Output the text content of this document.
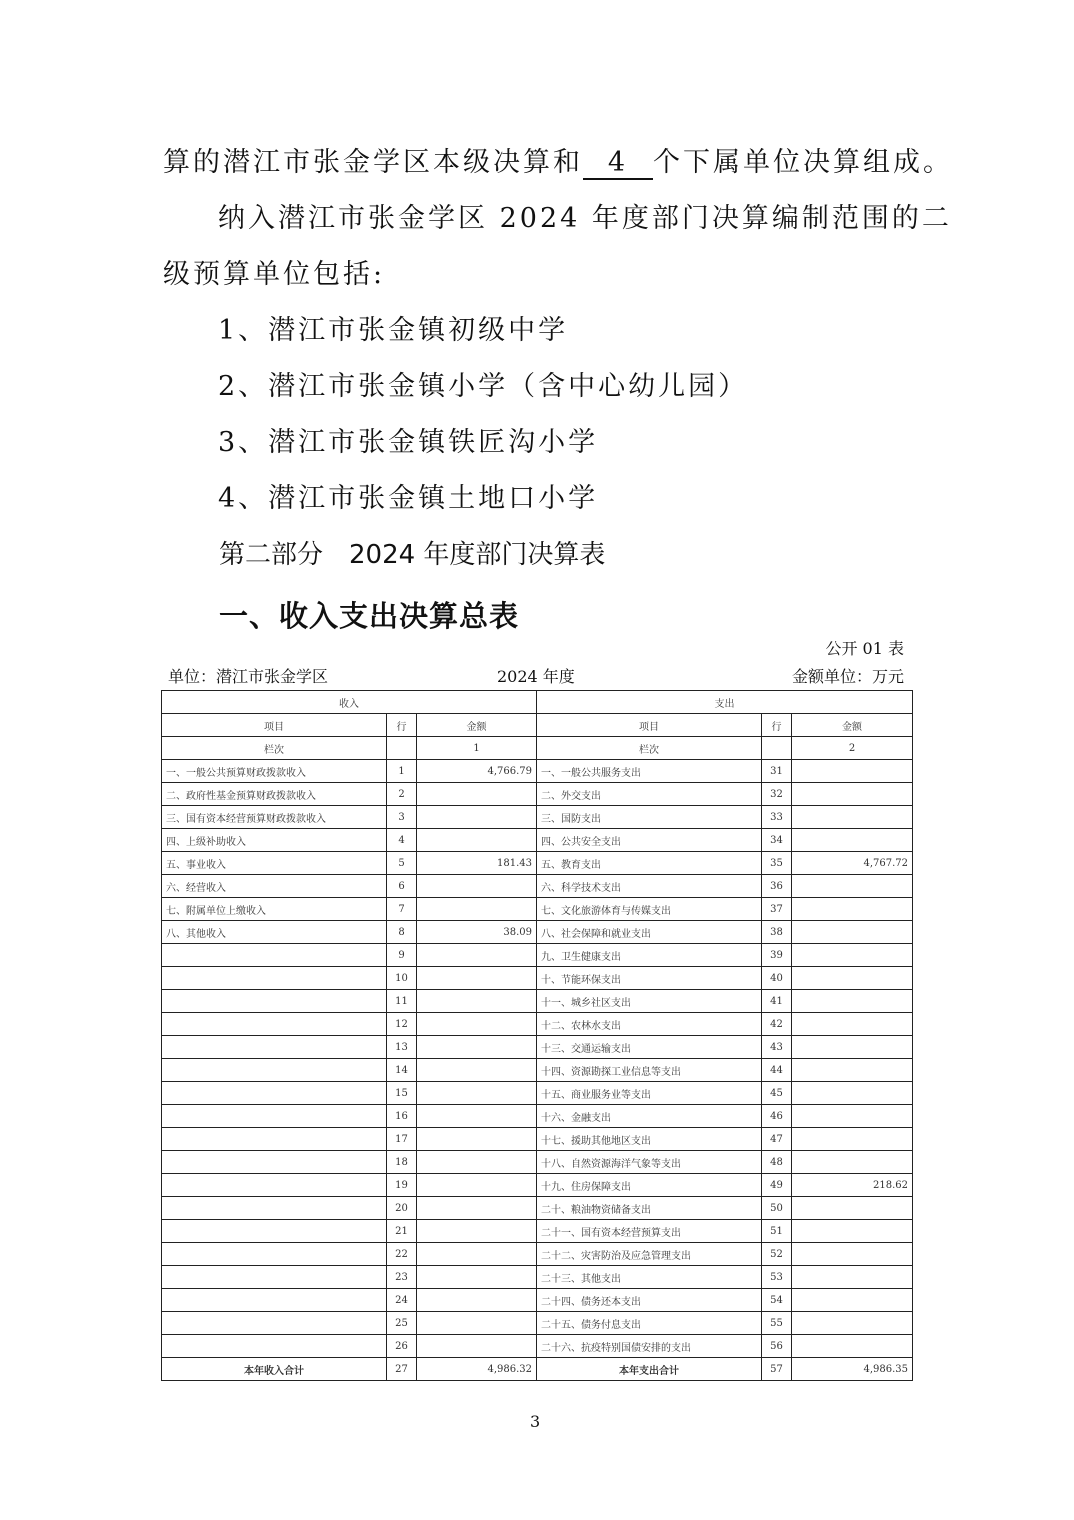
算的潜江市张金学区本级决算和 4 个下属单位决算组成。
纳入潜江市张金学区 2024 年度部门决算编制范围的二
级预算单位包括:
1、潜江市张金镇初级中学
2、潜江市张金镇小学（含中心幼儿园）
3、潜江市张金镇铁匠沟小学
4、潜江市张金镇土地口小学
第二部分　2024 年度部门决算表
一、收入支出决算总表
公开 01 表
单位：潜江市张金学区	2024 年度	金额单位：万元
收入			支出		
项目	行	金额	项目	行	金额
栏次		1	栏次		2
一、一般公共预算财政拨款收入	1	4,766.79	一、一般公共服务支出	31	
二、政府性基金预算财政拨款收入	2		二、外交支出	32	
三、国有资本经营预算财政拨款收入	3		三、国防支出	33	
四、上级补助收入	4		四、公共安全支出	34	
五、事业收入	5	181.43	五、教育支出	35	4,767.72
六、经营收入	6		六、科学技术支出	36	
七、附属单位上缴收入	7		七、文化旅游体育与传媒支出	37	
八、其他收入	8	38.09	八、社会保障和就业支出	38	
	9		九、卫生健康支出	39	
	10		十、节能环保支出	40	
	11		十一、城乡社区支出	41	
	12		十二、农林水支出	42	
	13		十三、交通运输支出	43	
	14		十四、资源勘探工业信息等支出	44	
	15		十五、商业服务业等支出	45	
	16		十六、金融支出	46	
	17		十七、援助其他地区支出	47	
	18		十八、自然资源海洋气象等支出	48	
	19		十九、住房保障支出	49	218.62
	20		二十、粮油物资储备支出	50	
	21		二十一、国有资本经营预算支出	51	
	22		二十二、灾害防治及应急管理支出	52	
	23		二十三、其他支出	53	
	24		二十四、债务还本支出	54	
	25		二十五、债务付息支出	55	
	26		二十六、抗疫特别国债安排的支出	56	
本年收入合计	27	4,986.32	本年支出合计	57	4,986.35
3
